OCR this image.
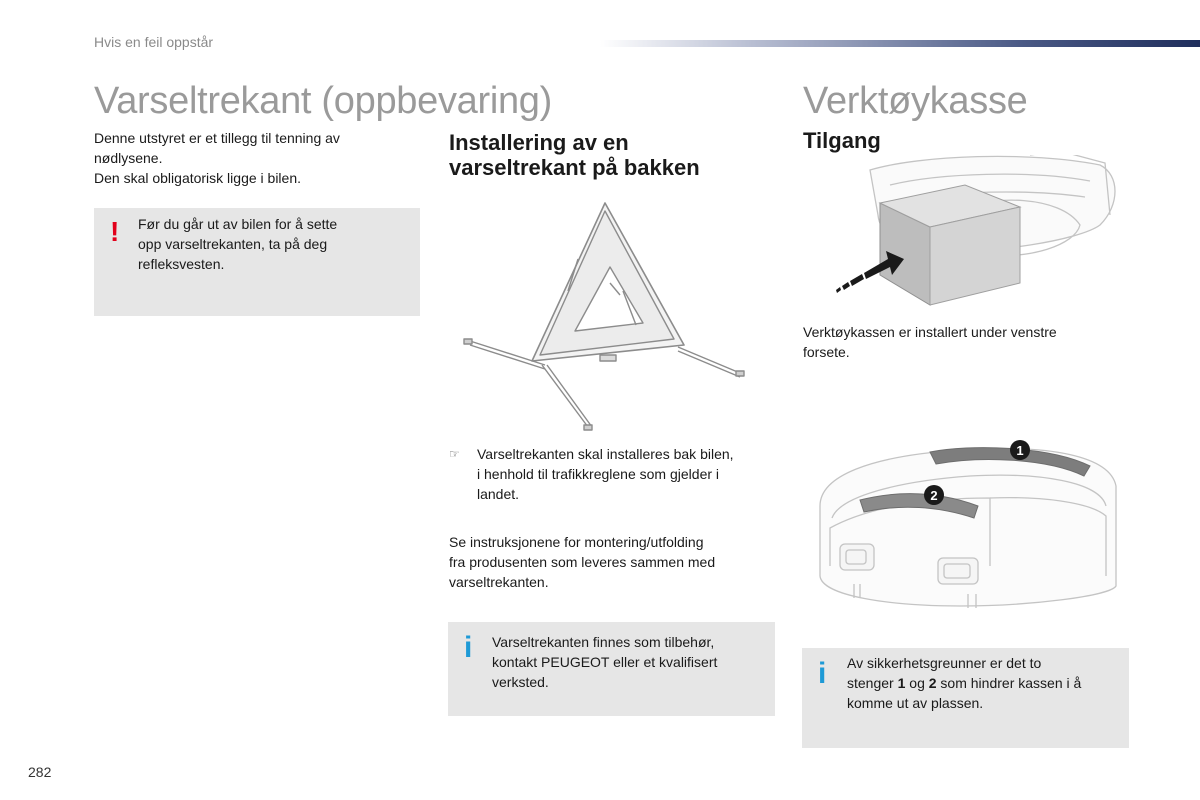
Hvis en feil oppstår
Varseltrekant (oppbevaring)
Denne utstyret er et tillegg til tenning av
nødlysene.
Den skal obligatorisk ligge i bilen.
! Før du går ut av bilen for å sette
opp varseltrekanten, ta på deg
refleksvesten.
Installering av en
varseltrekant på bakken
☞ Varseltrekanten skal installeres bak bilen,
i henhold til trafikkreglene som gjelder i
landet.
Se instruksjonene for montering/utfolding
fra produsenten som leveres sammen med
varseltrekanten.
i Varseltrekanten finnes som tilbehør,
kontakt PEUGEOT eller et kvalifisert
verksted.
Verktøykasse
Tilgang
Verktøykassen er installert under venstre
forsete.
1
2
i Av sikkerhetsgreunner er det to
stenger 1 og 2 som hindrer kassen i å
komme ut av plassen.
282
